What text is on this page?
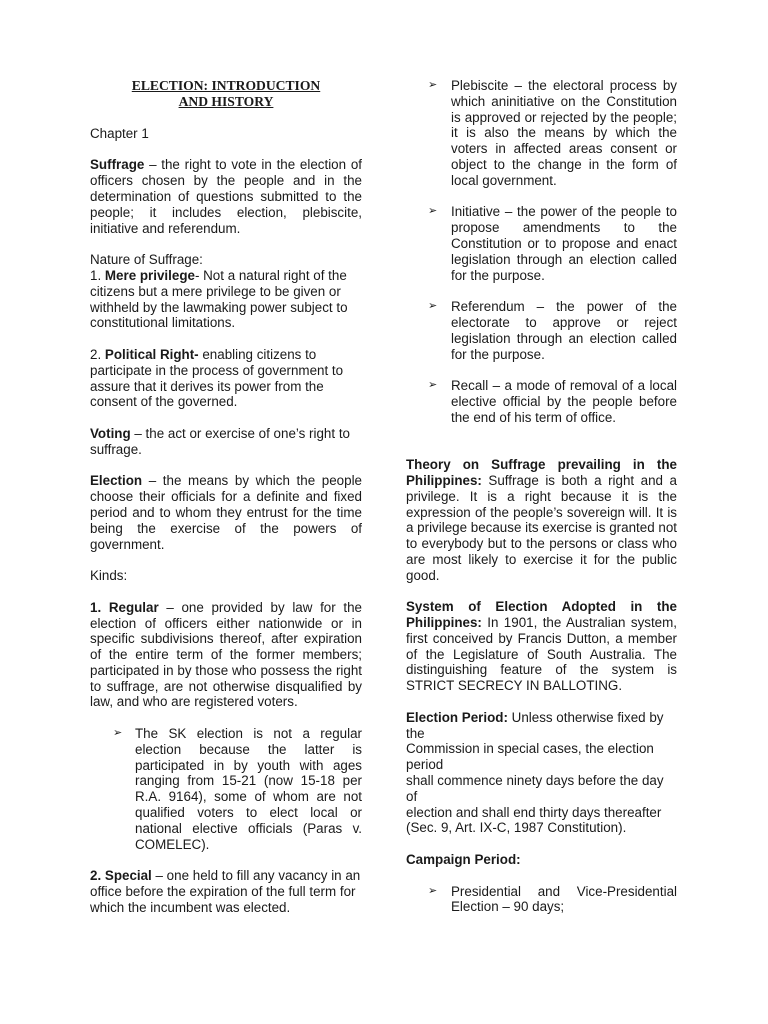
ELECTION: INTRODUCTION
AND HISTORY

Chapter 1

Suffrage – the right to vote in the election of officers chosen by the people and in the determination of questions submitted to the people; it includes election, plebiscite, initiative and referendum.

Nature of Suffrage:
1. Mere privilege- Not a natural right of the citizens but a mere privilege to be given or withheld by the lawmaking power subject to constitutional limitations.

2. Political Right- enabling citizens to participate in the process of government to assure that it derives its power from the consent of the governed.

Voting – the act or exercise of one’s right to suffrage.

Election – the means by which the people choose their officials for a definite and fixed period and to whom they entrust for the time being the exercise of the powers of government.

Kinds:

1. Regular – one provided by law for the election of officers either nationwide or in specific subdivisions thereof, after expiration of the entire term of the former members; participated in by those who possess the right to suffrage, are not otherwise disqualified by law, and who are registered voters.

➢ The SK election is not a regular election because the latter is participated in by youth with ages ranging from 15-21 (now 15-18 per R.A. 9164), some of whom are not qualified voters to elect local or national elective officials (Paras v. COMELEC).

2. Special – one held to fill any vacancy in an office before the expiration of the full term for which the incumbent was elected.

➢ Plebiscite – the electoral process by which aninitiative on the Constitution is approved or rejected by the people; it is also the means by which the voters in affected areas consent or object to the change in the form of local government.
➢ Initiative – the power of the people to propose amendments to the Constitution or to propose and enact legislation through an election called for the purpose.
➢ Referendum – the power of the electorate to approve or reject legislation through an election called for the purpose.
➢ Recall – a mode of removal of a local elective official by the people before the end of his term of office.

Theory on Suffrage prevailing in the Philippines: Suffrage is both a right and a privilege. It is a right because it is the expression of the people’s sovereign will. It is a privilege because its exercise is granted not to everybody but to the persons or class who are most likely to exercise it for the public good.

System of Election Adopted in the Philippines: In 1901, the Australian system, first conceived by Francis Dutton, a member of the Legislature of South Australia. The distinguishing feature of the system is STRICT SECRECY IN BALLOTING.

Election Period: Unless otherwise fixed by the
Commission in special cases, the election period
shall commence ninety days before the day of
election and shall end thirty days thereafter
(Sec. 9, Art. IX-C, 1987 Constitution).

Campaign Period:

➢ Presidential and Vice-Presidential Election – 90 days;
